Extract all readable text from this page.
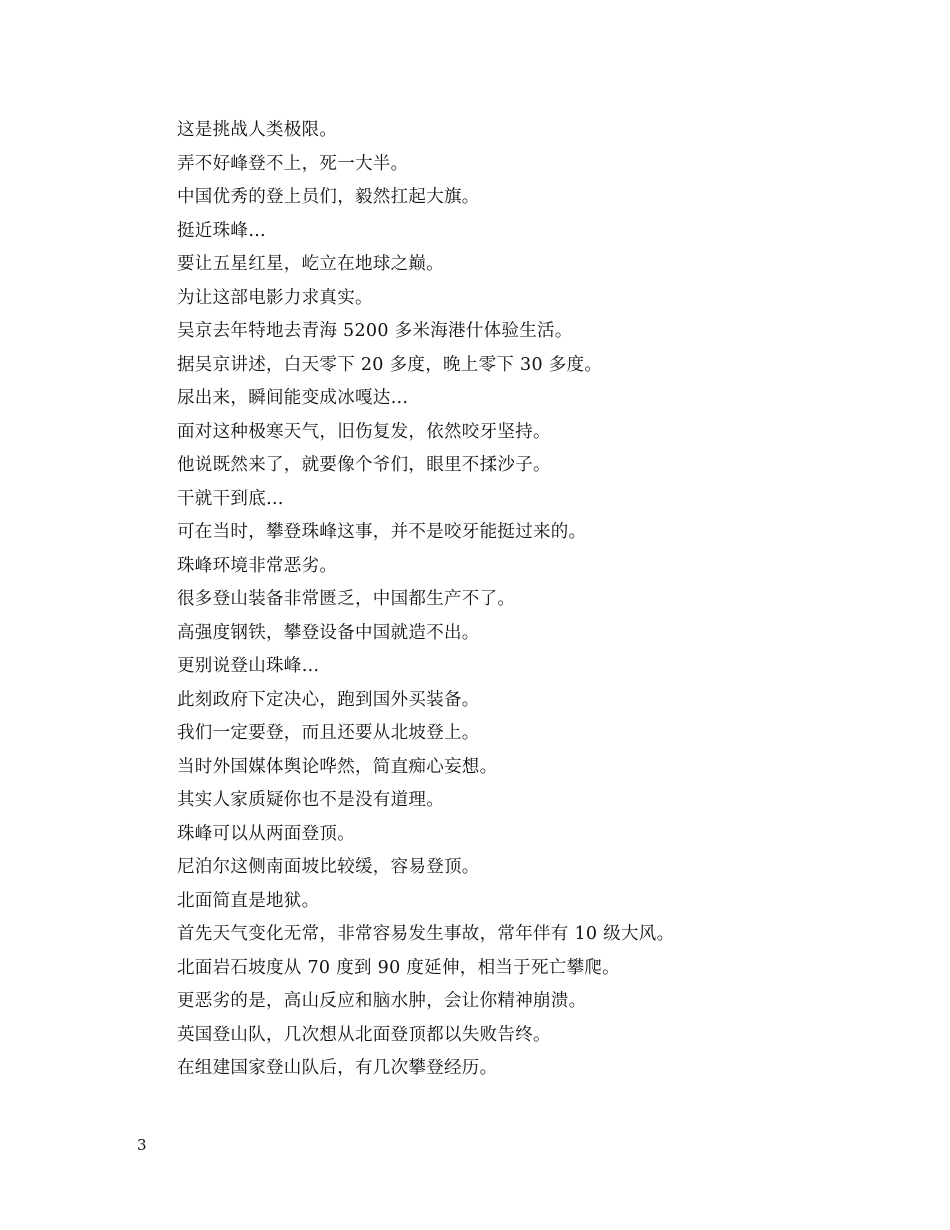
这是挑战人类极限。
弄不好峰登不上，死一大半。
中国优秀的登上员们，毅然扛起大旗。
挺近珠峰…
要让五星红星，屹立在地球之巅。
为让这部电影力求真实。
吴京去年特地去青海 5200 多米海港什体验生活。
据吴京讲述，白天零下 20 多度，晚上零下 30 多度。
尿出来，瞬间能变成冰嘎达…
面对这种极寒天气，旧伤复发，依然咬牙坚持。
他说既然来了，就要像个爷们，眼里不揉沙子。
干就干到底…
可在当时，攀登珠峰这事，并不是咬牙能挺过来的。
珠峰环境非常恶劣。
很多登山装备非常匮乏，中国都生产不了。
高强度钢铁，攀登设备中国就造不出。
更别说登山珠峰…
此刻政府下定决心，跑到国外买装备。
我们一定要登，而且还要从北坡登上。
当时外国媒体舆论哗然，简直痴心妄想。
其实人家质疑你也不是没有道理。
珠峰可以从两面登顶。
尼泊尔这侧南面坡比较缓，容易登顶。
北面简直是地狱。
首先天气变化无常，非常容易发生事故，常年伴有 10 级大风。
北面岩石坡度从 70 度到 90 度延伸，相当于死亡攀爬。
更恶劣的是，高山反应和脑水肿，会让你精神崩溃。
英国登山队，几次想从北面登顶都以失败告终。
在组建国家登山队后，有几次攀登经历。
3
